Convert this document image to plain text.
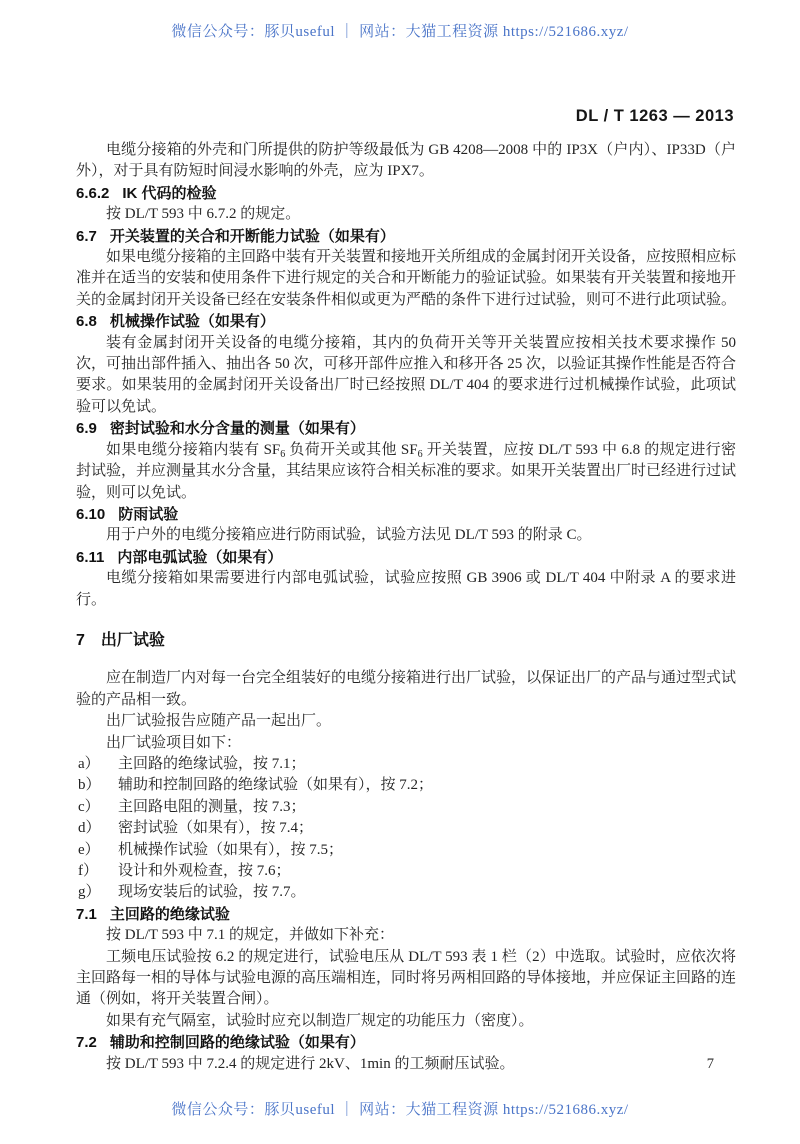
微信公众号：豚贝useful ｜ 网站：大猫工程资源 https://521686.xyz/
DL / T 1263 — 2013

电缆分接箱的外壳和门所提供的防护等级最低为 GB 4208—2008 中的 IP3X（户内）、IP33D（户外），对于具有防短时间浸水影响的外壳，应为 IPX7。

6.6.2 IK 代码的检验

按 DL/T 593 中 6.7.2 的规定。

6.7 开关装置的关合和开断能力试验（如果有）

如果电缆分接箱的主回路中装有开关装置和接地开关所组成的金属封闭开关设备，应按照相应标准并在适当的安装和使用条件下进行规定的关合和开断能力的验证试验。如果装有开关装置和接地开关的金属封闭开关设备已经在安装条件相似或更为严酷的条件下进行过试验，则可不进行此项试验。

6.8 机械操作试验（如果有）

装有金属封闭开关设备的电缆分接箱，其内的负荷开关等开关装置应按相关技术要求操作 50 次，可抽出部件插入、抽出各 50 次，可移开部件应推入和移开各 25 次，以验证其操作性能是否符合要求。如果装用的金属封闭开关设备出厂时已经按照 DL/T 404 的要求进行过机械操作试验，此项试验可以免试。

6.9 密封试验和水分含量的测量（如果有）

如果电缆分接箱内装有 $SF_6$ 负荷开关或其他 $SF_6$ 开关装置，应按 DL/T 593 中 6.8 的规定进行密封试验，并应测量其水分含量，其结果应该符合相关标准的要求。如果开关装置出厂时已经进行过试验，则可以免试。

6.10 防雨试验

用于户外的电缆分接箱应进行防雨试验，试验方法见 DL/T 593 的附录 C。

6.11 内部电弧试验（如果有）

电缆分接箱如果需要进行内部电弧试验，试验应按照 GB 3906 或 DL/T 404 中附录 A 的要求进行。

7 出厂试验

应在制造厂内对每一台完全组装好的电缆分接箱进行出厂试验，以保证出厂的产品与通过型式试验的产品相一致。

出厂试验报告应随产品一起出厂。

出厂试验项目如下：

a）	主回路的绝缘试验，按 7.1；
b）	辅助和控制回路的绝缘试验（如果有），按 7.2；
c）	主回路电阻的测量，按 7.3；
d）	密封试验（如果有），按 7.4；
e）	机械操作试验（如果有），按 7.5；
f）	设计和外观检查，按 7.6；
g）	现场安装后的试验，按 7.7。
7.1 主回路的绝缘试验

按 DL/T 593 中 7.1 的规定，并做如下补充：

工频电压试验按 6.2 的规定进行，试验电压从 DL/T 593 表 1 栏（2）中选取。试验时，应依次将主回路每一相的导体与试验电源的高压端相连，同时将另两相回路的导体接地，并应保证主回路的连通（例如，将开关装置合闸）。

如果有充气隔室，试验时应充以制造厂规定的功能压力（密度）。

7.2 辅助和控制回路的绝缘试验（如果有）

按 DL/T 593 中 7.2.4 的规定进行 2kV、1min 的工频耐压试验。	7
微信公众号：豚贝useful ｜ 网站：大猫工程资源 https://521686.xyz/
